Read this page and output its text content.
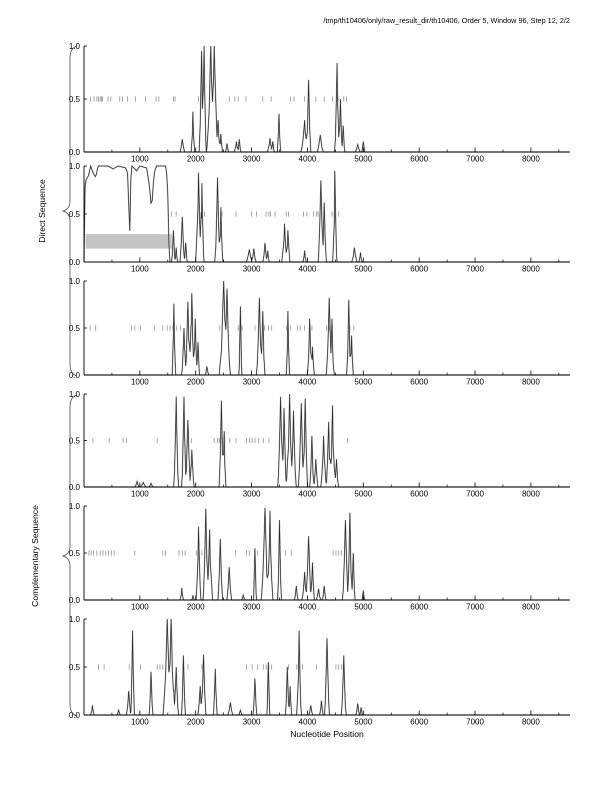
/tmp/th10406/only/raw_result_dir/th10406, Order 5, Window 96, Step 12, 2/2
Direct Sequence
Complementary Sequence
Nucleotide Position
0.0
0.5
1.0
1000	2000	3000	4000	5000	6000	7000	8000
0.0
0.5
1.0
1000	2000	3000	4000	5000	6000	7000	8000
0.0
0.5
1.0
1000	2000	3000	4000	5000	6000	7000	8000
0.0
0.5
1.0
1000	2000	3000	4000	5000	6000	7000	8000
0.0
0.5
1.0
1000	2000	3000	4000	5000	6000	7000	8000
0.0
0.5
1.0
1000	2000	3000	4000	5000	6000	7000	8000
